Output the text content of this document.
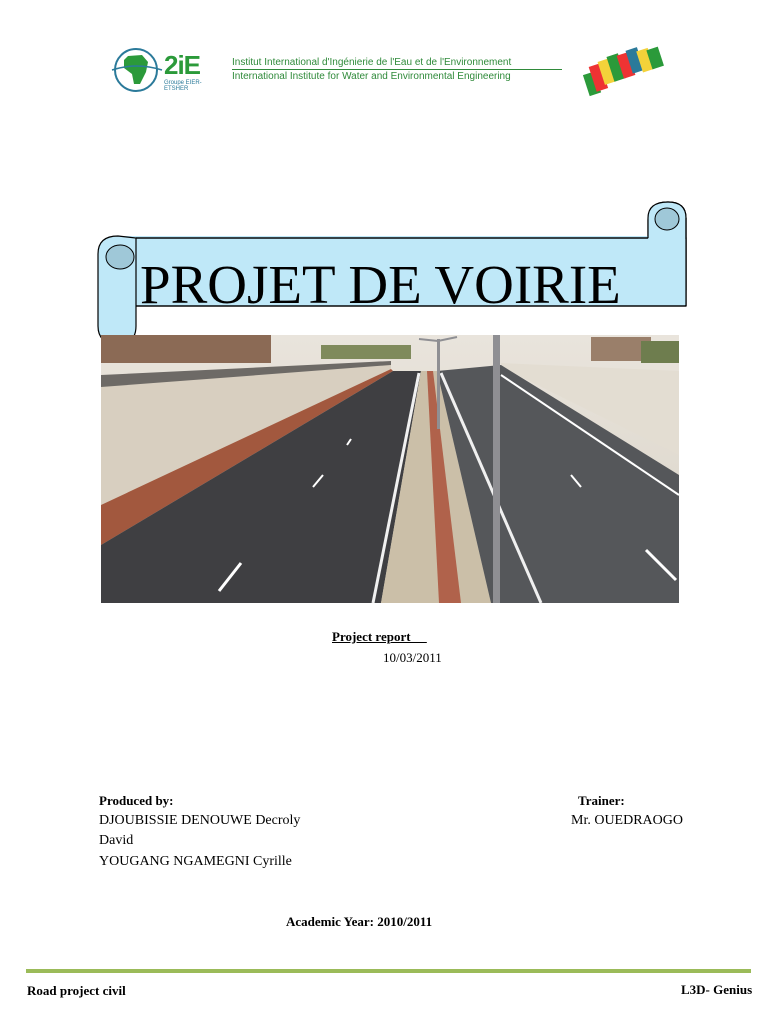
2iE
Groupe EIER-ETSHER
Institut International d'Ingénierie de l'Eau et de l'Environnement
International Institute for Water and Environmental Engineering
PROJET DE VOIRIE
Project report
10/03/2011
Produced by:
DJOUBISSIE DENOUWE Decroly
David
YOUGANG NGAMEGNI Cyrille
Trainer:
Mr. OUEDRAOGO
Academic Year: 2010/2011
Road project civil	L3D- Genius
